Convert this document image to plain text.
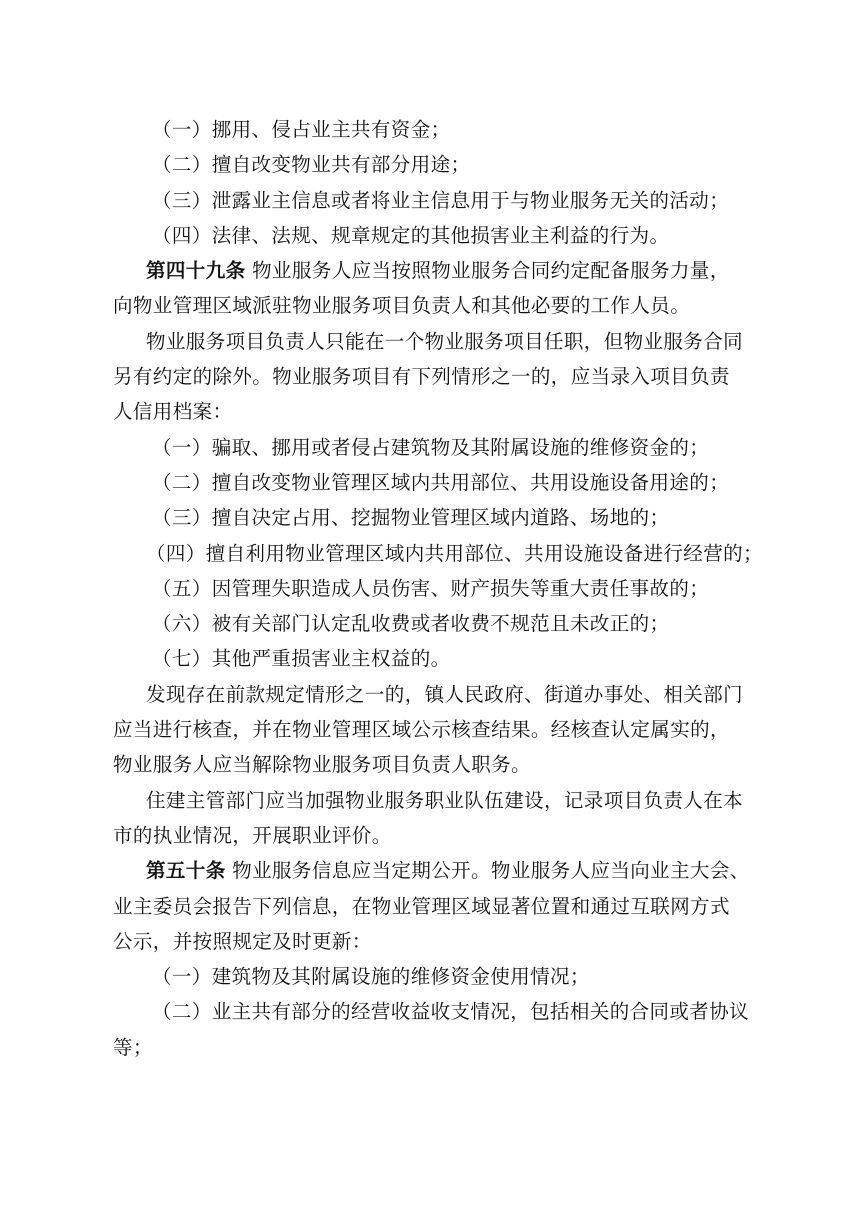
（一）挪用、侵占业主共有资金；
（二）擅自改变物业共有部分用途；
（三）泄露业主信息或者将业主信息用于与物业服务无关的活动；
（四）法律、法规、规章规定的其他损害业主利益的行为。
第四十九条 物业服务人应当按照物业服务合同约定配备服务力量，
向物业管理区域派驻物业服务项目负责人和其他必要的工作人员。
物业服务项目负责人只能在一个物业服务项目任职，但物业服务合同
另有约定的除外。物业服务项目有下列情形之一的，应当录入项目负责
人信用档案：
（一）骗取、挪用或者侵占建筑物及其附属设施的维修资金的；
（二）擅自改变物业管理区域内共用部位、共用设施设备用途的；
（三）擅自决定占用、挖掘物业管理区域内道路、场地的；
（四）擅自利用物业管理区域内共用部位、共用设施设备进行经营的；
（五）因管理失职造成人员伤害、财产损失等重大责任事故的；
（六）被有关部门认定乱收费或者收费不规范且未改正的；
（七）其他严重损害业主权益的。
发现存在前款规定情形之一的，镇人民政府、街道办事处、相关部门
应当进行核查，并在物业管理区域公示核查结果。经核查认定属实的，
物业服务人应当解除物业服务项目负责人职务。
住建主管部门应当加强物业服务职业队伍建设，记录项目负责人在本
市的执业情况，开展职业评价。
第五十条 物业服务信息应当定期公开。物业服务人应当向业主大会、
业主委员会报告下列信息，在物业管理区域显著位置和通过互联网方式
公示，并按照规定及时更新：
（一）建筑物及其附属设施的维修资金使用情况；
（二）业主共有部分的经营收益收支情况，包括相关的合同或者协议
等；
